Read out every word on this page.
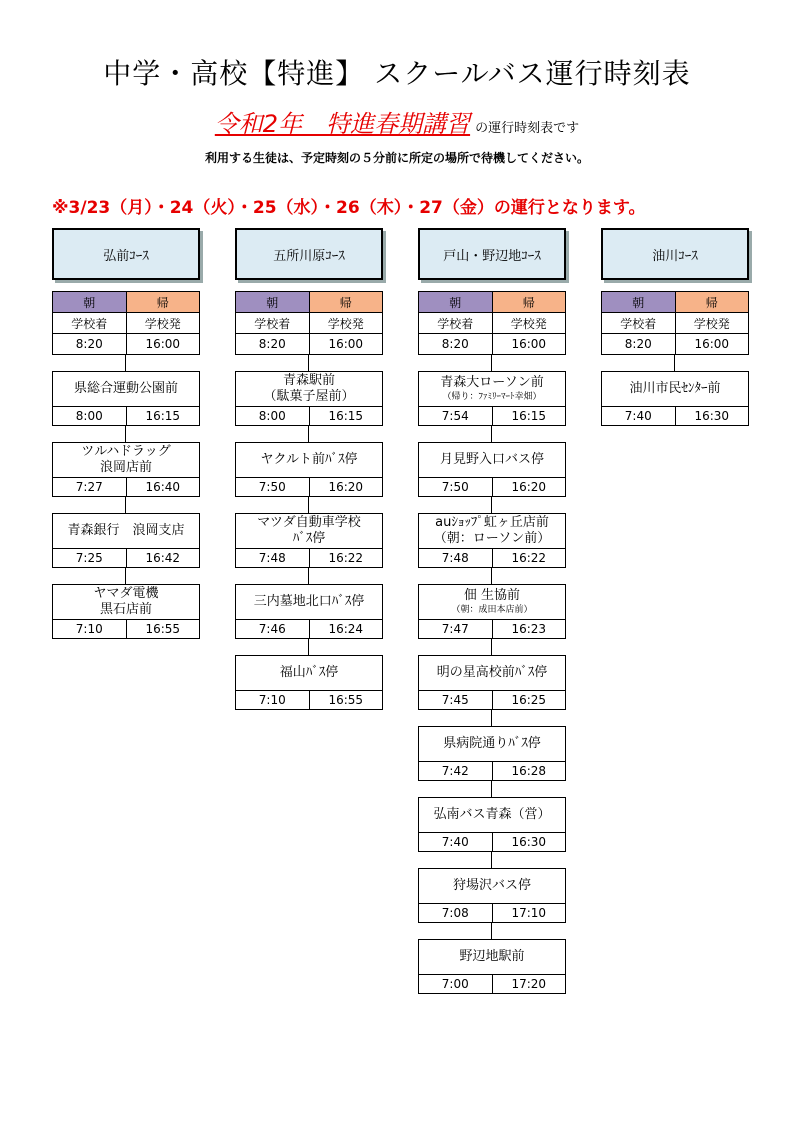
中学・高校【特進】 スクールバス運行時刻表
令和2年　特進春期講習 の運行時刻表です
利用する生徒は、予定時刻の５分前に所定の場所で待機してください。
※3/23（月）・24（火）・25（水）・26（木）・27（金）の運行となります。
弘前ｺｰｽ
朝	帰
学校着	学校発
8:20	16:00
県総合運動公園前
8:00	16:15
ツルハドラッグ
浪岡店前
7:27	16:40
青森銀行　浪岡支店
7:25	16:42
ヤマダ電機
黒石店前
7:10	16:55
五所川原ｺｰｽ
朝	帰
学校着	学校発
8:20	16:00
青森駅前
（駄菓子屋前）
8:00	16:15
ヤクルト前ﾊﾞｽ停
7:50	16:20
マツダ自動車学校
ﾊﾞｽ停
7:48	16:22
三内墓地北口ﾊﾞｽ停
7:46	16:24
福山ﾊﾞｽ停
7:10	16:55
戸山・野辺地ｺｰｽ
朝	帰
学校着	学校発
8:20	16:00
青森大ローソン前
（帰り：ﾌｧﾐﾘｰﾏｰﾄ幸畑）
7:54	16:15
月見野入口バス停
7:50	16:20
auｼｮｯﾌﾟ虹ヶ丘店前
（朝：ローソン前）
7:48	16:22
佃 生協前
（朝：成田本店前）
7:47	16:23
明の星高校前ﾊﾞｽ停
7:45	16:25
県病院通りﾊﾞｽ停
7:42	16:28
弘南バス青森（営）
7:40	16:30
狩場沢バス停
7:08	17:10
野辺地駅前
7:00	17:20
油川ｺｰｽ
朝	帰
学校着	学校発
8:20	16:00
油川市民ｾﾝﾀｰ前
7:40	16:30
